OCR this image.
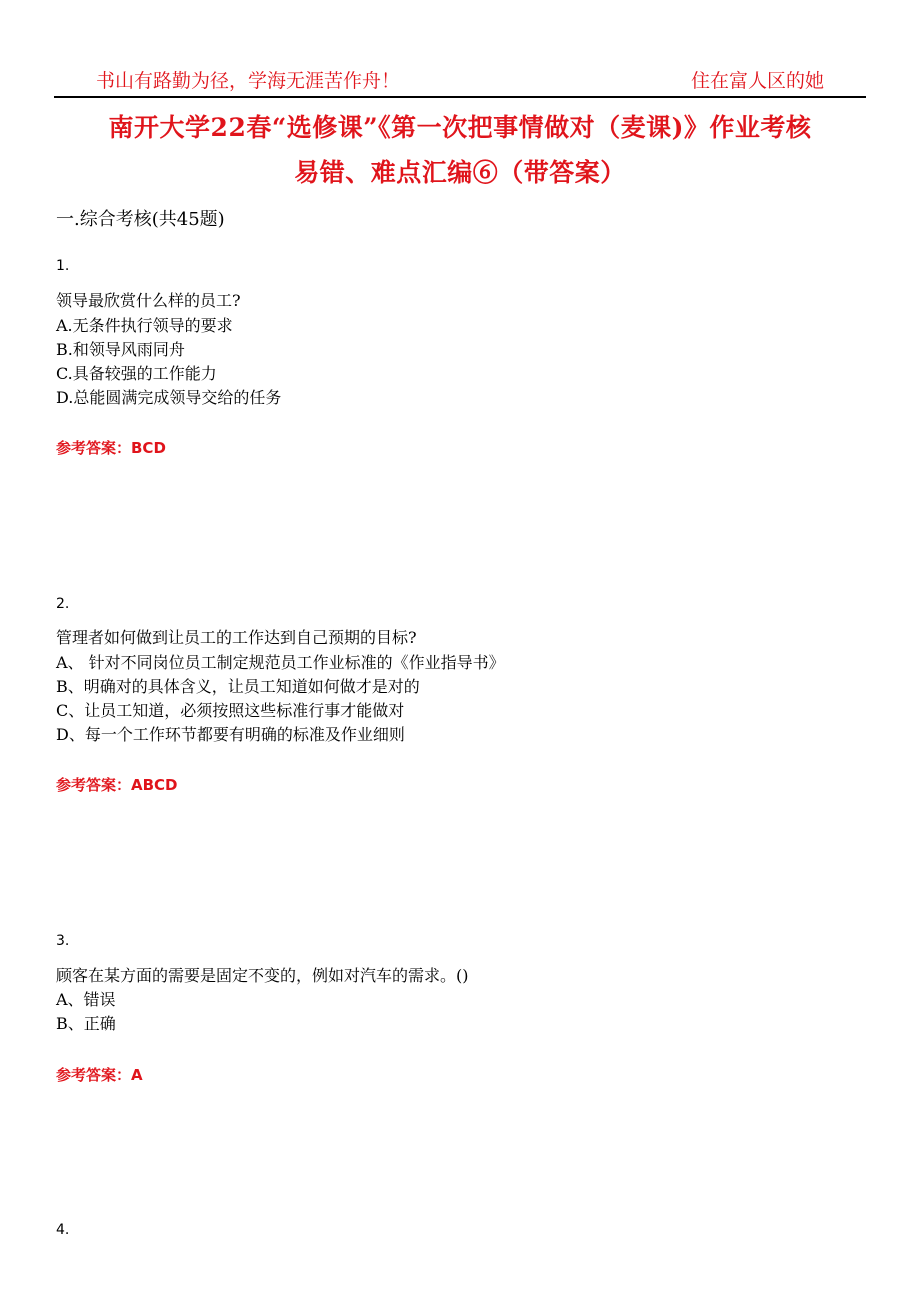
书山有路勤为径，学海无涯苦作舟！	住在富人区的她
南开大学22春“选修课”《第一次把事情做对（麦课)》作业考核
易错、难点汇编⑥（带答案）
一.综合考核(共45题)
1.
领导最欣赏什么样的员工?
A.无条件执行领导的要求
B.和领导风雨同舟
C.具备较强的工作能力
D.总能圆满完成领导交给的任务
参考答案：BCD
2.
管理者如何做到让员工的工作达到自己预期的目标?
A、 针对不同岗位员工制定规范员工作业标准的《作业指导书》
B、明确对的具体含义，让员工知道如何做才是对的
C、让员工知道，必须按照这些标准行事才能做对
D、每一个工作环节都要有明确的标准及作业细则
参考答案：ABCD
3.
顾客在某方面的需要是固定不变的，例如对汽车的需求。()
A、错误
B、正确
参考答案：A
4.
